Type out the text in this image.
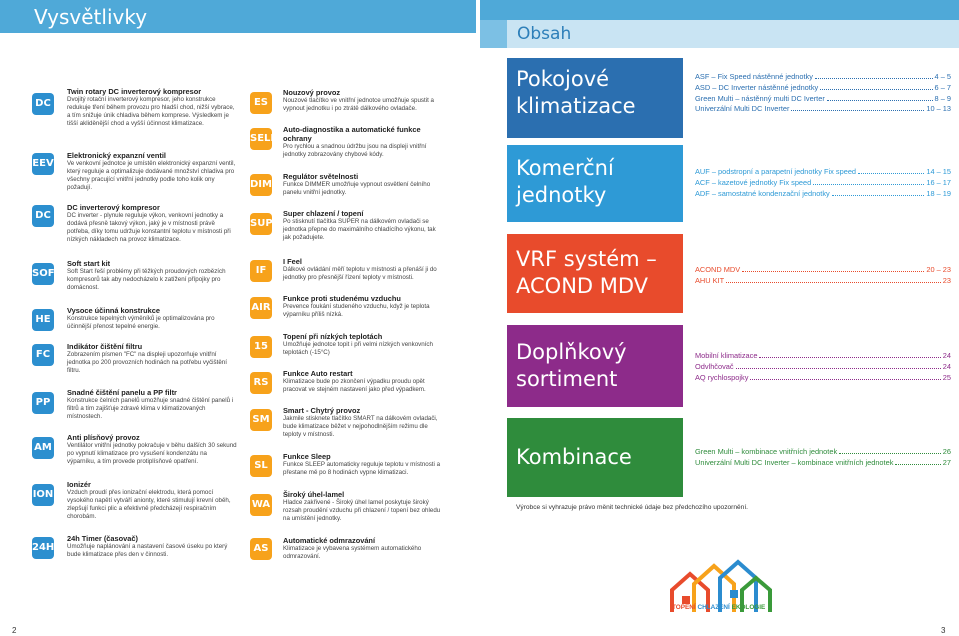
Vysvětlivky
Obsah
DC
Twin rotary DC inverterový kompresor
Dvojitý rotační inverterový kompresor, jeho konstrukce redukuje tření během provozu pro hladší chod, nižší vybrace, a tím snižuje únik chladiva během komprese. Výsledkem je tišší akliděnější chod a vyšší účinnost klimatizace.
EEV
Elektronický expanzní ventil
Ve venkovní jednotce je umístěn elektronický expanzní ventil, který reguluje a optimalizuje dodávané množství chladiva pro všechny pracující vnitřní jednotky podle toho kolik ony požadují.
DC
DC inverterový kompresor
DC inverter - plynule reguluje výkon, venkovní jednotky a dodává přesně takový výkon, jaký je v místnosti právě potřeba, díky tomu udržuje konstantní teplotu v místnosti při nízkých nákladech na provoz klimatizace.
SOFT
Soft start kit
Soft Start řeší problémy při těžkých proudových rozbězích kompresorů tak aby nedocházelo k zatížení přípojky pro domácnost.
HE
Vysoce účinná konstrukce
Konstrukce tepelných výměníků je optimalizována pro účinnější přenost tepelné energie.
FC
Indikátor čištění filtru
Zobrazením písmen "FC" na displeji upozorňuje vnitřní jednotka po 200 provozních hodinách na potřebu vyčištění filtru.
PP
Snadné čištění panelu a PP filtr
Konstrukce čelních panelů umožňuje snadné čištění panelů i filtrů a tím zajišťuje zdravé klima v klimatizovaných místnostech.
AM
Anti plísňový provoz
Ventilátor vnitřní jednotky pokračuje v běhu dalších 30 sekund po vypnutí klimatizace pro vysušení kondenzátu na výparníku, a tím provede protiplísňové opatření.
ION
Ionizér
Vzduch proudí přes ionizační elektrodu, která pomocí vysokého napětí vytváří anionty, které stimulují krevní oběh, zlepšují funkci plic a efektivně předcházejí respiračním chorobám.
24H
24h Timer (časovač)
Umožňuje naplánování a nastavení časové úseku po který bude klimatizace přes den v činnosti.
ES
Nouzový provoz
Nouzové tlačítko ve vnitřní jednotce umožňuje spustit a vypnout jednotku i po ztrátě dálkového ovladače.
SELF
Auto-diagnostika a automatické funkce ochrany
Pro rychlou a snadnou údržbu jsou na displeji vnitřní jednotky zobrazovány chybové kódy.
DIM
Regulátor světelnosti
Funkce DIMMER umožňuje vypnout osvětlení čelního panelu vnitřní jednotky.
SUPER
Super chlazení / topení
Po stisknutí tlačítka SUPER na dálkovém ovladači se jednotka přepne do maximálního chladícího výkonu, tak jak požadujete.
IF
I Feel
Dálkové ovládání měří teplotu v místnosti a přenáší ji do jednotky pro přesnější řízení teploty v místnosti.
AIR
Funkce proti studenému vzduchu
Prevence foukání studeného vzduchu, když je teplota výparníku příliš nízká.
15
Topení při nízkých teplotách
Umožňuje jednotce topit i při velmi nízkých venkovních teplotách (-15°C)
RS
Funkce Auto restart
Klimatizace bude po zkončení výpadku proudu opět pracovat ve stejném nastavení jako před výpadkem.
SM
Smart - Chytrý provoz
Jakmile stisknete tlačítko SMART na dálkovém ovladači, bude klimatizace běžet v nejpohodlnějším režimu dle teploty v místnosti.
SL
Funkce Sleep
Funkce SLEEP automaticky reguluje teplotu v místnosti a přestane mě po 8 hodinách vypne klimatizaci.
WA
Široký úhel-lamel
Hladce zakřivené - Široký úhel lamel poskytuje široký rozsah proudění vzduchu při chlazení / topení bez ohledu na umístění jednotky.
AS
Automatické odmrazování
Klimatizace je vybavena systémem automatického odmrazování.
Pokojové klimatizace
ASF – Fix Speed nástěnné jednotky	4 – 5
ASD – DC Inverter nástěnné jednotky	6 – 7
Green Multi – nástěnný multi DC Iverter	8 – 9
Univerzální Multi DC Inverter	10 – 13
Komerční jednotky
AUF – podstropní a parapetní jednotky Fix speed	14 – 15
ACF – kazetové jednotky Fix speed	16 – 17
ADF – samostatné kondenzační jednotky	18 – 19
VRF systém – ACOND MDV
ACOND MDV	20 – 23
AHU KIT	23
Doplňkový sortiment
Mobilní klimatizace	24
Odvlhčovač	24
AQ rychlospojky	25
Kombinace	Green Multi – kombinace vnitřních jednotek	26
Univerzální Multi DC Inverter – kombinace vnitřních jednotek	27
Výrobce si vyhrazuje právo měnit technické údaje bez předchozího upozornění.
TOPENÍ CHLAZENÍ EKOLOGIE
2	3
